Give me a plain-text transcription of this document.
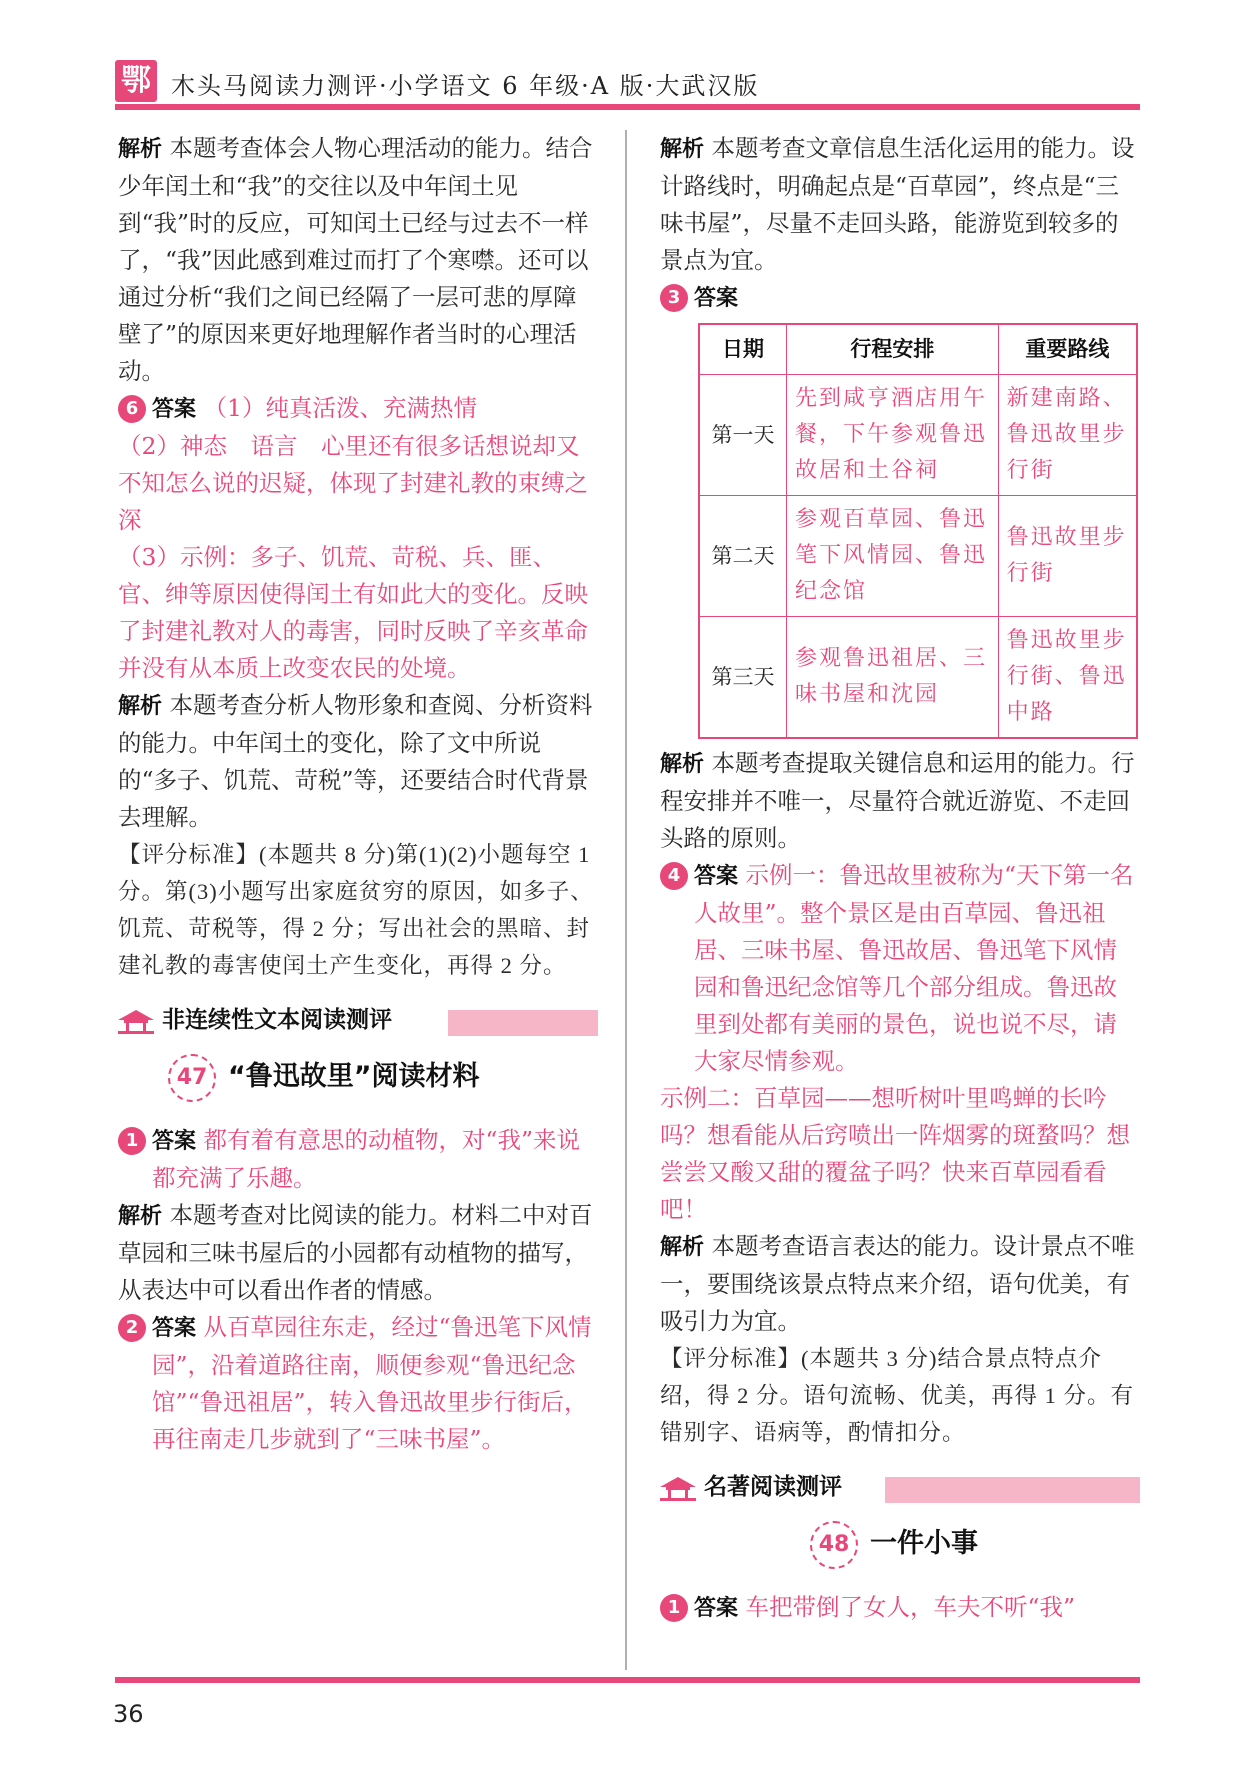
鄂 木头马阅读力测评·小学语文 6 年级·A 版·大武汉版

解析 本题考查体会人物心理活动的能力。结合少年闰土和“我”的交往以及中年闰土见到“我”时的反应，可知闰土已经与过去不一样了，“我”因此感到难过而打了个寒噤。还可以通过分析“我们之间已经隔了一层可悲的厚障壁了”的原因来更好地理解作者当时的心理活动。

6 答案 （1）纯真活泼、充满热情

（2）神态　语言　心里还有很多话想说却又不知怎么说的迟疑，体现了封建礼教的束缚之深

（3）示例：多子、饥荒、苛税、兵、匪、官、绅等原因使得闰土有如此大的变化。反映了封建礼教对人的毒害，同时反映了辛亥革命并没有从本质上改变农民的处境。

解析 本题考查分析人物形象和查阅、分析资料的能力。中年闰土的变化，除了文中所说的“多子、饥荒、苛税”等，还要结合时代背景去理解。

【评分标准】(本题共 8 分)第(1)(2)小题每空 1 分。第(3)小题写出家庭贫穷的原因，如多子、饥荒、苛税等，得 2 分；写出社会的黑暗、封建礼教的毒害使闰土产生变化，再得 2 分。

非连续性文本阅读测评
47 “鲁迅故里”阅读材料

1 答案 都有着有意思的动植物，对“我”来说都充满了乐趣。

解析 本题考查对比阅读的能力。材料二中对百草园和三味书屋后的小园都有动植物的描写，从表达中可以看出作者的情感。

2 答案 从百草园往东走，经过“鲁迅笔下风情园”，沿着道路往南，顺便参观“鲁迅纪念馆”“鲁迅祖居”，转入鲁迅故里步行街后，再往南走几步就到了“三味书屋”。

解析 本题考查文章信息生活化运用的能力。设计路线时，明确起点是“百草园”，终点是“三味书屋”，尽量不走回头路，能游览到较多的景点为宜。

3 答案

日期	行程安排	重要路线
第一天	先到咸亨酒店用午餐，下午参观鲁迅故居和土谷祠	新建南路、鲁迅故里步行街
第二天	参观百草园、鲁迅笔下风情园、鲁迅纪念馆	鲁迅故里步行街
第三天	参观鲁迅祖居、三味书屋和沈园	鲁迅故里步行街、鲁迅中路

解析 本题考查提取关键信息和运用的能力。行程安排并不唯一，尽量符合就近游览、不走回头路的原则。

4 答案 示例一：鲁迅故里被称为“天下第一名人故里”。整个景区是由百草园、鲁迅祖居、三味书屋、鲁迅故居、鲁迅笔下风情园和鲁迅纪念馆等几个部分组成。鲁迅故里到处都有美丽的景色，说也说不尽，请大家尽情参观。

示例二：百草园——想听树叶里鸣蝉的长吟吗？想看能从后窍喷出一阵烟雾的斑蝥吗？想尝尝又酸又甜的覆盆子吗？快来百草园看看吧！

解析 本题考查语言表达的能力。设计景点不唯一，要围绕该景点特点来介绍，语句优美，有吸引力为宜。

【评分标准】(本题共 3 分)结合景点特点介绍，得 2 分。语句流畅、优美，再得 1 分。有错别字、语病等，酌情扣分。

名著阅读测评
48 一件小事

1 答案 车把带倒了女人，车夫不听“我”

36
